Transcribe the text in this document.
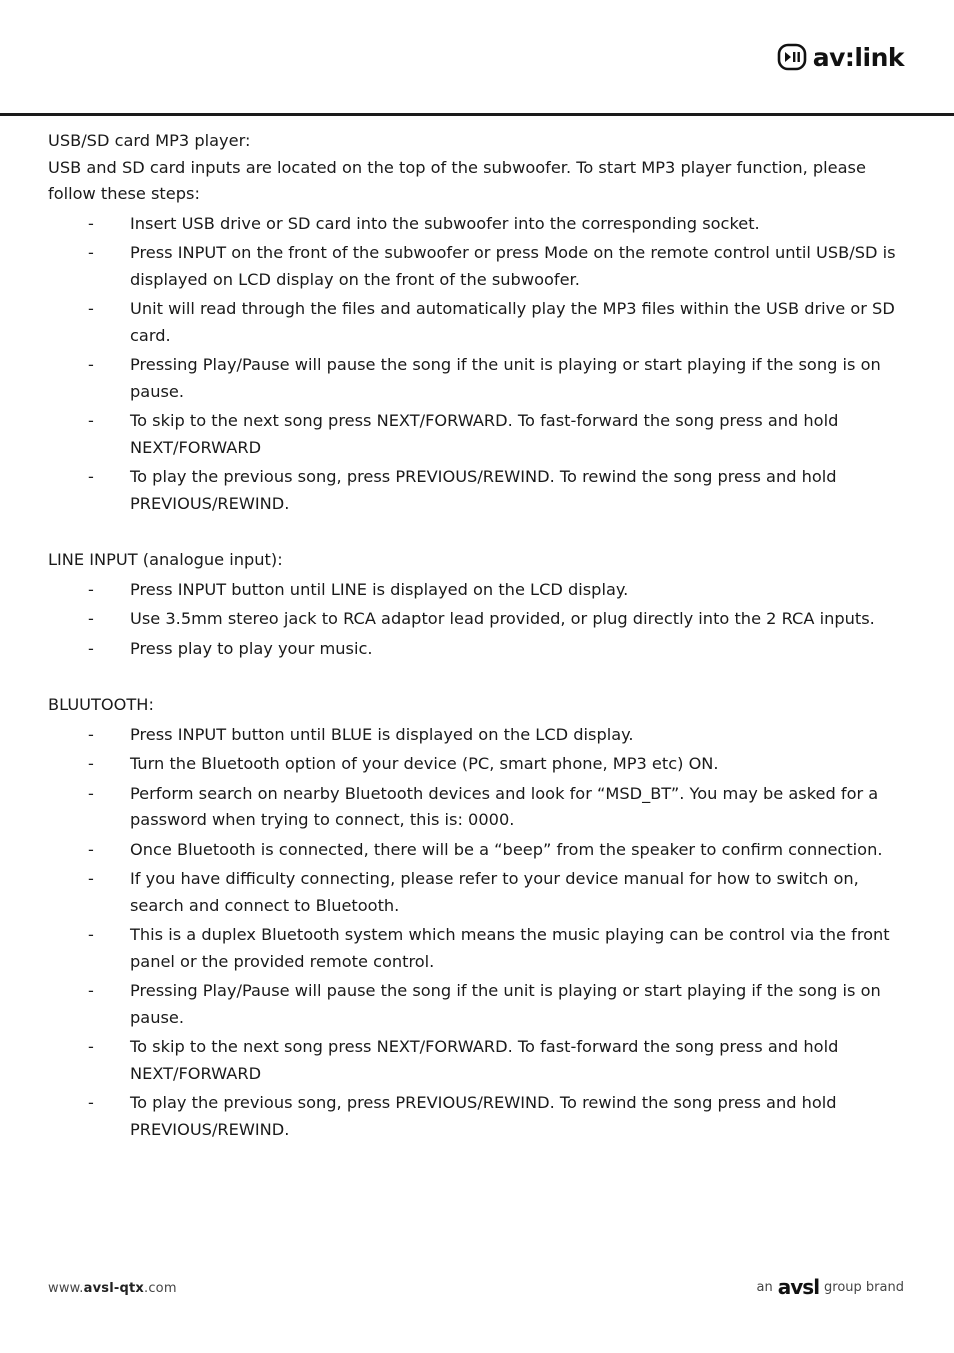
av:link

USB/SD card MP3 player:

USB and SD card inputs are located on the top of the subwoofer. To start MP3 player function, please follow these steps:

- Insert USB drive or SD card into the subwoofer into the corresponding socket.
- Press INPUT on the front of the subwoofer or press Mode on the remote control until USB/SD is displayed on LCD display on the front of the subwoofer.
- Unit will read through the files and automatically play the MP3 files within the USB drive or SD card.
- Pressing Play/Pause will pause the song if the unit is playing or start playing if the song is on pause.
- To skip to the next song press NEXT/FORWARD. To fast-forward the song press and hold NEXT/FORWARD
- To play the previous song, press PREVIOUS/REWIND. To rewind the song press and hold PREVIOUS/REWIND.

LINE INPUT (analogue input):

- Press INPUT button until LINE is displayed on the LCD display.
- Use 3.5mm stereo jack to RCA adaptor lead provided, or plug directly into the 2 RCA inputs.
- Press play to play your music.

BLUUTOOTH:

- Press INPUT button until BLUE is displayed on the LCD display.
- Turn the Bluetooth option of your device (PC, smart phone, MP3 etc) ON.
- Perform search on nearby Bluetooth devices and look for “MSD_BT”. You may be asked for a password when trying to connect, this is: 0000.
- Once Bluetooth is connected, there will be a “beep” from the speaker to confirm connection.
- If you have difficulty connecting, please refer to your device manual for how to switch on, search and connect to Bluetooth.
- This is a duplex Bluetooth system which means the music playing can be control via the front panel or the provided remote control.
- Pressing Play/Pause will pause the song if the unit is playing or start playing if the song is on pause.
- To skip to the next song press NEXT/FORWARD. To fast-forward the song press and hold NEXT/FORWARD
- To play the previous song, press PREVIOUS/REWIND. To rewind the song press and hold PREVIOUS/REWIND.
www.avsl-qtx.com	an avsl group brand
